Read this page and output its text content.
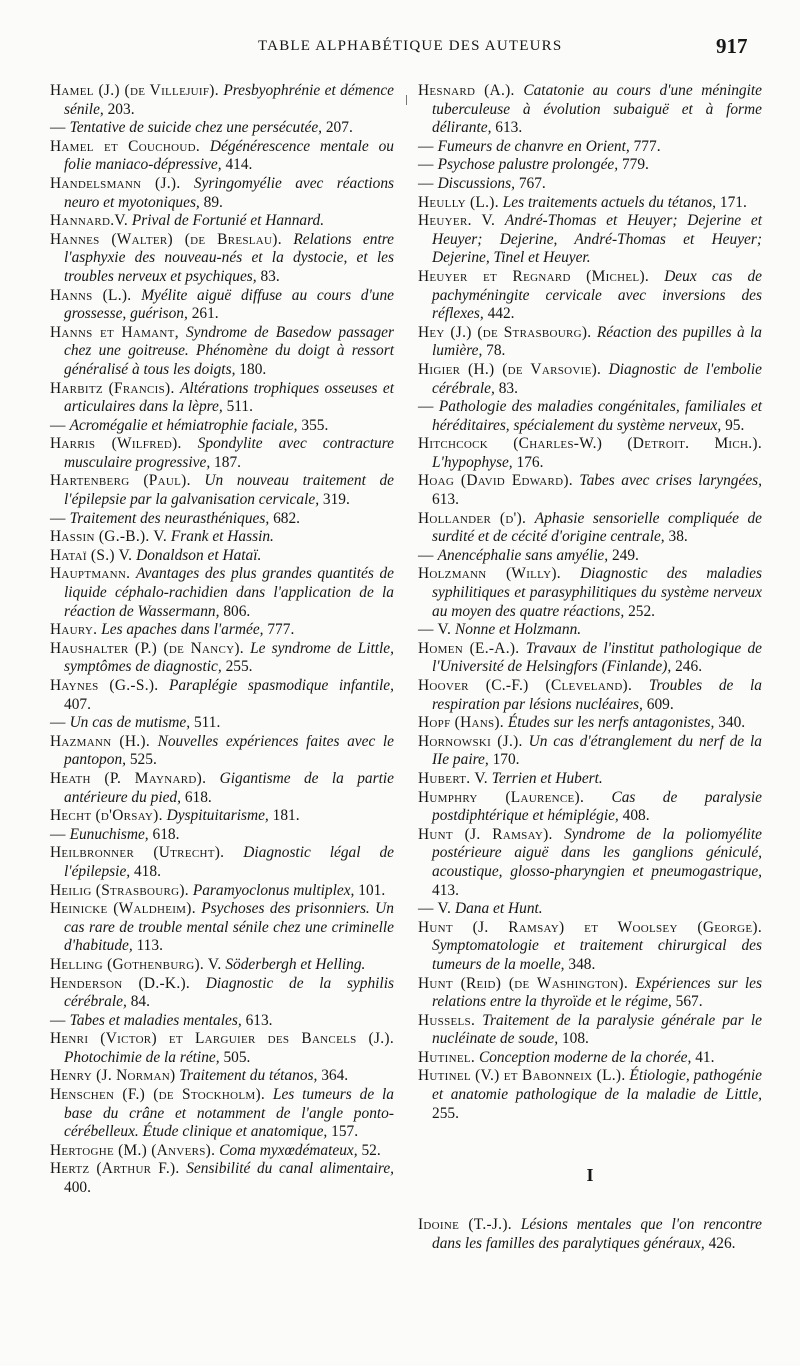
TABLE ALPHABÉTIQUE DES AUTEURS	917
Hamel (J.) (de Villejuif). Presbyophrénie et démence sénile, 203.
— Tentative de suicide chez une persécutée, 207.
Hamel et Couchoud. Dégénérescence mentale ou folie maniaco-dépressive, 414.
Handelsmann (J.). Syringomyélie avec réactions neuro et myotoniques, 89.
Hannard.V. Prival de Fortunié et Hannard.
Hannes (Walter) (de Breslau). Relations entre l'asphyxie des nouveau-nés et la dystocie, et les troubles nerveux et psychiques, 83.
Hanns (L.). Myélite aiguë diffuse au cours d'une grossesse, guérison, 261.
Hanns et Hamant, Syndrome de Basedow passager chez une goitreuse. Phénomène du doigt à ressort généralisé à tous les doigts, 180.
Harbitz (Francis). Altérations trophiques osseuses et articulaires dans la lèpre, 511.
— Acromégalie et hémiatrophie faciale, 355.
Harris (Wilfred). Spondylite avec contracture musculaire progressive, 187.
Hartenberg (Paul). Un nouveau traitement de l'épilepsie par la galvanisation cervicale, 319.
— Traitement des neurasthéniques, 682.
Hassin (G.-B.). V. Frank et Hassin.
Hataï (S.) V. Donaldson et Hataï.
Hauptmann. Avantages des plus grandes quantités de liquide céphalo-rachidien dans l'application de la réaction de Wassermann, 806.
Haury. Les apaches dans l'armée, 777.
Haushalter (P.) (de Nancy). Le syndrome de Little, symptômes de diagnostic, 255.
Haynes (G.-S.). Paraplégie spasmodique infantile, 407.
— Un cas de mutisme, 511.
Hazmann (H.). Nouvelles expériences faites avec le pantopon, 525.
Heath (P. Maynard). Gigantisme de la partie antérieure du pied, 618.
Hecht (d'Orsay). Dyspituitarisme, 181.
— Eunuchisme, 618.
Heilbronner (Utrecht). Diagnostic légal de l'épilepsie, 418.
Heilig (Strasbourg). Paramyoclonus multiplex, 101.
Heinicke (Waldheim). Psychoses des prisonniers. Un cas rare de trouble mental sénile chez une criminelle d'habitude, 113.
Helling (Gothenburg). V. Söderbergh et Helling.
Henderson (D.-K.). Diagnostic de la syphilis cérébrale, 84.
— Tabes et maladies mentales, 613.
Henri (Victor) et Larguier des Bancels (J.). Photochimie de la rétine, 505.
Henry (J. Norman) Traitement du tétanos, 364.
Henschen (F.) (de Stockholm). Les tumeurs de la base du crâne et notamment de l'angle ponto-cérébelleux. Étude clinique et anatomique, 157.
Hertoghe (M.) (Anvers). Coma myxœdémateux, 52.
Hertz (Arthur F.). Sensibilité du canal alimentaire, 400.
Hesnard (A.). Catatonie au cours d'une méningite tuberculeuse à évolution subaiguë et à forme délirante, 613.
— Fumeurs de chanvre en Orient, 777.
— Psychose palustre prolongée, 779.
— Discussions, 767.
Heully (L.). Les traitements actuels du tétanos, 171.
Heuyer. V. André-Thomas et Heuyer; Dejerine et Heuyer; Dejerine, André-Thomas et Heuyer; Dejerine, Tinel et Heuyer.
Heuyer et Regnard (Michel). Deux cas de pachyméningite cervicale avec inversions des réflexes, 442.
Hey (J.) (de Strasbourg). Réaction des pupilles à la lumière, 78.
Higier (H.) (de Varsovie). Diagnostic de l'embolie cérébrale, 83.
— Pathologie des maladies congénitales, familiales et héréditaires, spécialement du système nerveux, 95.
Hitchcock (Charles-W.) (Detroit. Mich.). L'hypophyse, 176.
Hoag (David Edward). Tabes avec crises laryngées, 613.
Hollander (d'). Aphasie sensorielle compliquée de surdité et de cécité d'origine centrale, 38.
— Anencéphalie sans amyélie, 249.
Holzmann (Willy). Diagnostic des maladies syphilitiques et parasyphilitiques du système nerveux au moyen des quatre réactions, 252.
— V. Nonne et Holzmann.
Homen (E.-A.). Travaux de l'institut pathologique de l'Université de Helsingfors (Finlande), 246.
Hoover (C.-F.) (Cleveland). Troubles de la respiration par lésions nucléaires, 609.
Hopf (Hans). Études sur les nerfs antagonistes, 340.
Hornowski (J.). Un cas d'étranglement du nerf de la IIe paire, 170.
Hubert. V. Terrien et Hubert.
Humphry (Laurence). Cas de paralysie postdiphtérique et hémiplégie, 408.
Hunt (J. Ramsay). Syndrome de la poliomyélite postérieure aiguë dans les ganglions géniculé, acoustique, glosso-pharyngien et pneumogastrique, 413.
— V. Dana et Hunt.
Hunt (J. Ramsay) et Woolsey (George). Symptomatologie et traitement chirurgical des tumeurs de la moelle, 348.
Hunt (Reid) (de Washington). Expériences sur les relations entre la thyroïde et le régime, 567.
Hussels. Traitement de la paralysie générale par le nucléinate de soude, 108.
Hutinel. Conception moderne de la chorée, 41.
Hutinel (V.) et Babonneix (L.). Étiologie, pathogénie et anatomie pathologique de la maladie de Little, 255.
I
Idoine (T.-J.). Lésions mentales que l'on rencontre dans les familles des paralytiques généraux, 426.
